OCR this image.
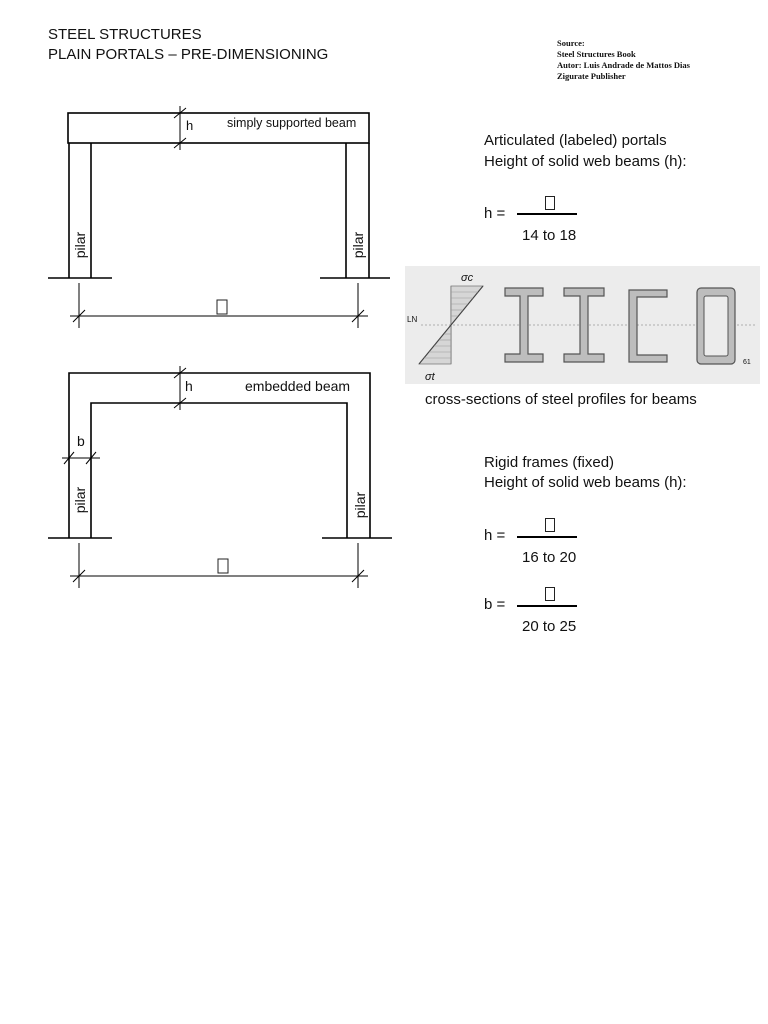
STEEL STRUCTURES
PLAIN PORTALS – PRE-DIMENSIONING
Source:
Steel Structures Book
Autor: Luis Andrade de Mattos Dias
Zigurate Publisher
h	simply supported beam
pilar	pilar
h	embedded beam
b
pilar	pilar
Articulated (labeled) portals
Height of solid web beams (h):
h =
14 to 18
σc
σt
LN
61
cross-sections of steel profiles for beams
Rigid frames (fixed)
Height of solid web beams (h):
h =
16 to 20
b =
20 to 25
